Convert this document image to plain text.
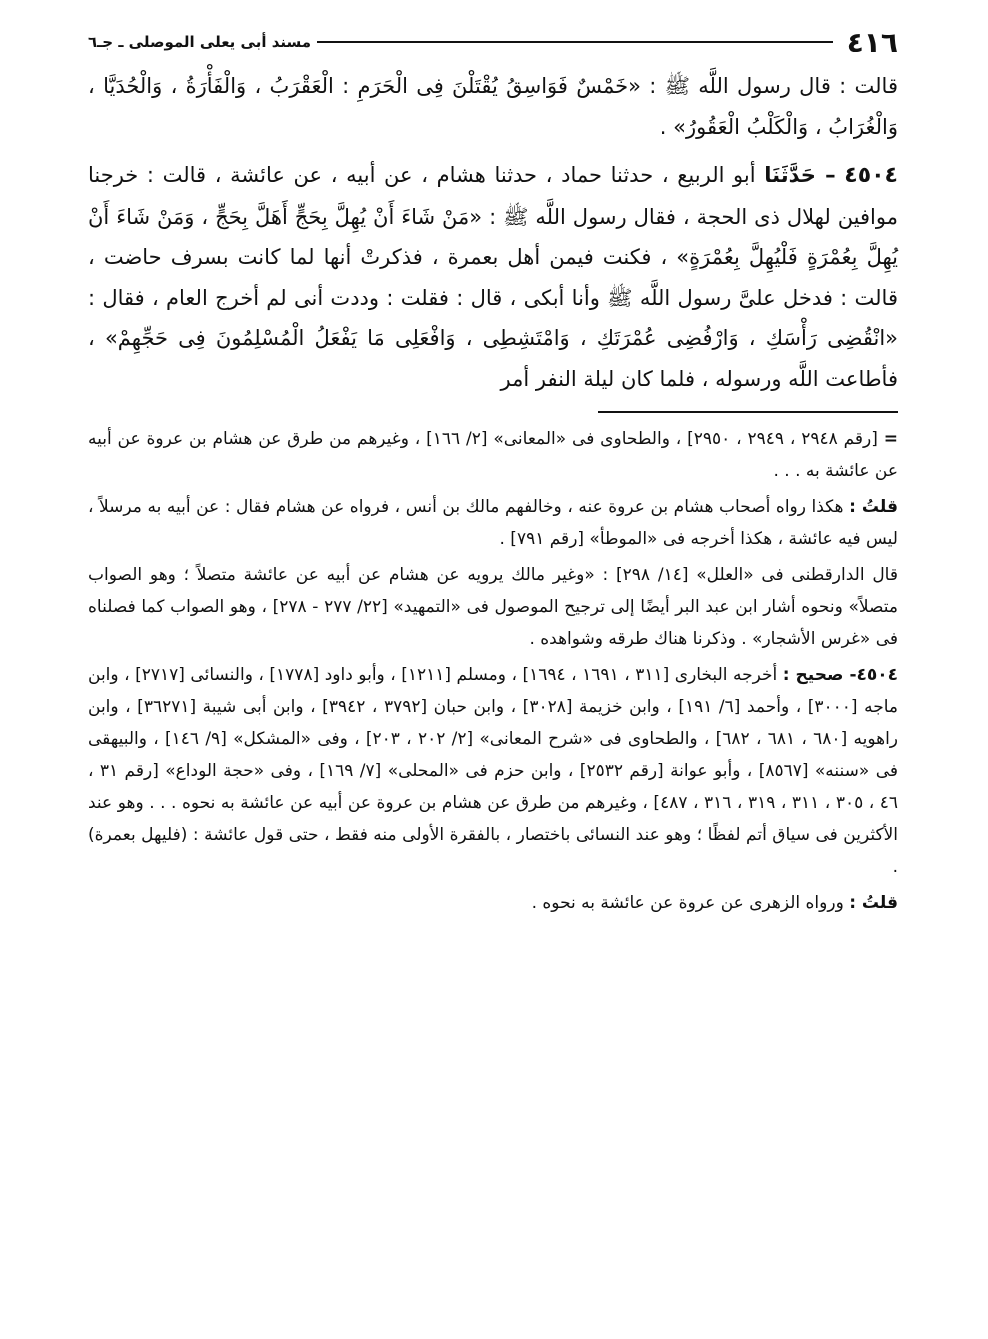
٤١٦
مسند أبى يعلى الموصلى ـ جـ٦

قالت : قال رسول اللَّه ﷺ : «خَمْسٌ فَوَاسِقُ يُقْتَلْنَ فِى الْحَرَمِ : الْعَقْرَبُ ، وَالْفَأْرَةُ ، وَالْحُدَيَّا ، وَالْغُرَابُ ، وَالْكَلْبُ الْعَقُورُ» .

٤٥٠٤ – حَدَّثَنَا أبو الربيع ، حدثنا حماد ، حدثنا هشام ، عن أبيه ، عن عائشة ، قالت : خرجنا موافين لهلال ذى الحجة ، فقال رسول اللَّه ﷺ : «مَنْ شَاءَ أَنْ يُهِلَّ بِحَجٍّ أَهَلَّ بِحَجٍّ ، وَمَنْ شَاءَ أَنْ يُهِلَّ بِعُمْرَةٍ فَلْيُهِلَّ بِعُمْرَةٍ» ، فكنت فيمن أهل بعمرة ، فذكرتْ أنها لما كانت بسرف حاضت ، قالت : فدخل علىَّ رسول اللَّه ﷺ وأنا أبكى ، قال : فقلت : وددت أنى لم أخرج العام ، فقال : «انْقُضِى رَأْسَكِ ، وَارْفُضِى عُمْرَتَكِ ، وَامْتَشِطِى ، وَافْعَلِى مَا يَفْعَلُ الْمُسْلِمُونَ فِى حَجِّهِمْ» ، فأطاعت اللَّه ورسوله ، فلما كان ليلة النفر أمر

= [رقم ٢٩٤٨ ، ٢٩٤٩ ، ٢٩٥٠] ، والطحاوى فى «المعانى» [٢/ ١٦٦] ، وغيرهم من طرق عن هشام بن عروة عن أبيه عن عائشة به . . .

قلتُ : هكذا رواه أصحاب هشام بن عروة عنه ، وخالفهم مالك بن أنس ، فرواه عن هشام فقال : عن أبيه به مرسلاً ، ليس فيه عائشة ، هكذا أخرجه فى «الموطأ» [رقم ٧٩١] .

قال الدارقطنى فى «العلل» [١٤/ ٢٩٨] : «وغير مالك يرويه عن هشام عن أبيه عن عائشة متصلاً ؛ وهو الصواب متصلاً» ونحوه أشار ابن عبد البر أيضًا إلى ترجيح الموصول فى «التمهيد» [٢٢/ ٢٧٧ - ٢٧٨] ، وهو الصواب كما فصلناه فى «غرس الأشجار» . وذكرنا هناك طرقه وشواهده .

٤٥٠٤- صحيح : أخرجه البخارى [٣١١ ، ١٦٩١ ، ١٦٩٤] ، ومسلم [١٢١١] ، وأبو داود [١٧٧٨] ، والنسائى [٢٧١٧] ، وابن ماجه [٣٠٠٠] ، وأحمد [٦/ ١٩١] ، وابن خزيمة [٣٠٢٨] ، وابن حبان [٣٧٩٢ ، ٣٩٤٢] ، وابن أبى شيبة [٣٦٢٧١] ، وابن راهويه [٦٨٠ ، ٦٨١ ، ٦٨٢] ، والطحاوى فى «شرح المعانى» [٢/ ٢٠٢ ، ٢٠٣] ، وفى «المشكل» [٩/ ١٤٦] ، والبيهقى فى «سننه» [٨٥٦٧] ، وأبو عوانة [رقم ٢٥٣٢] ، وابن حزم فى «المحلى» [٧/ ١٦٩] ، وفى «حجة الوداع» [رقم ٣١ ، ٤٦ ، ٣٠٥ ، ٣١١ ، ٣١٩ ، ٣١٦ ، ٤٨٧] ، وغيرهم من طرق عن هشام بن عروة عن أبيه عن عائشة به نحوه . . . وهو عند الأكثرين فى سياق أتم لفظًا ؛ وهو عند النسائى باختصار ، بالفقرة الأولى منه فقط ، حتى قول عائشة : (فليهل بعمرة) .

قلتُ : ورواه الزهرى عن عروة عن عائشة به نحوه .
